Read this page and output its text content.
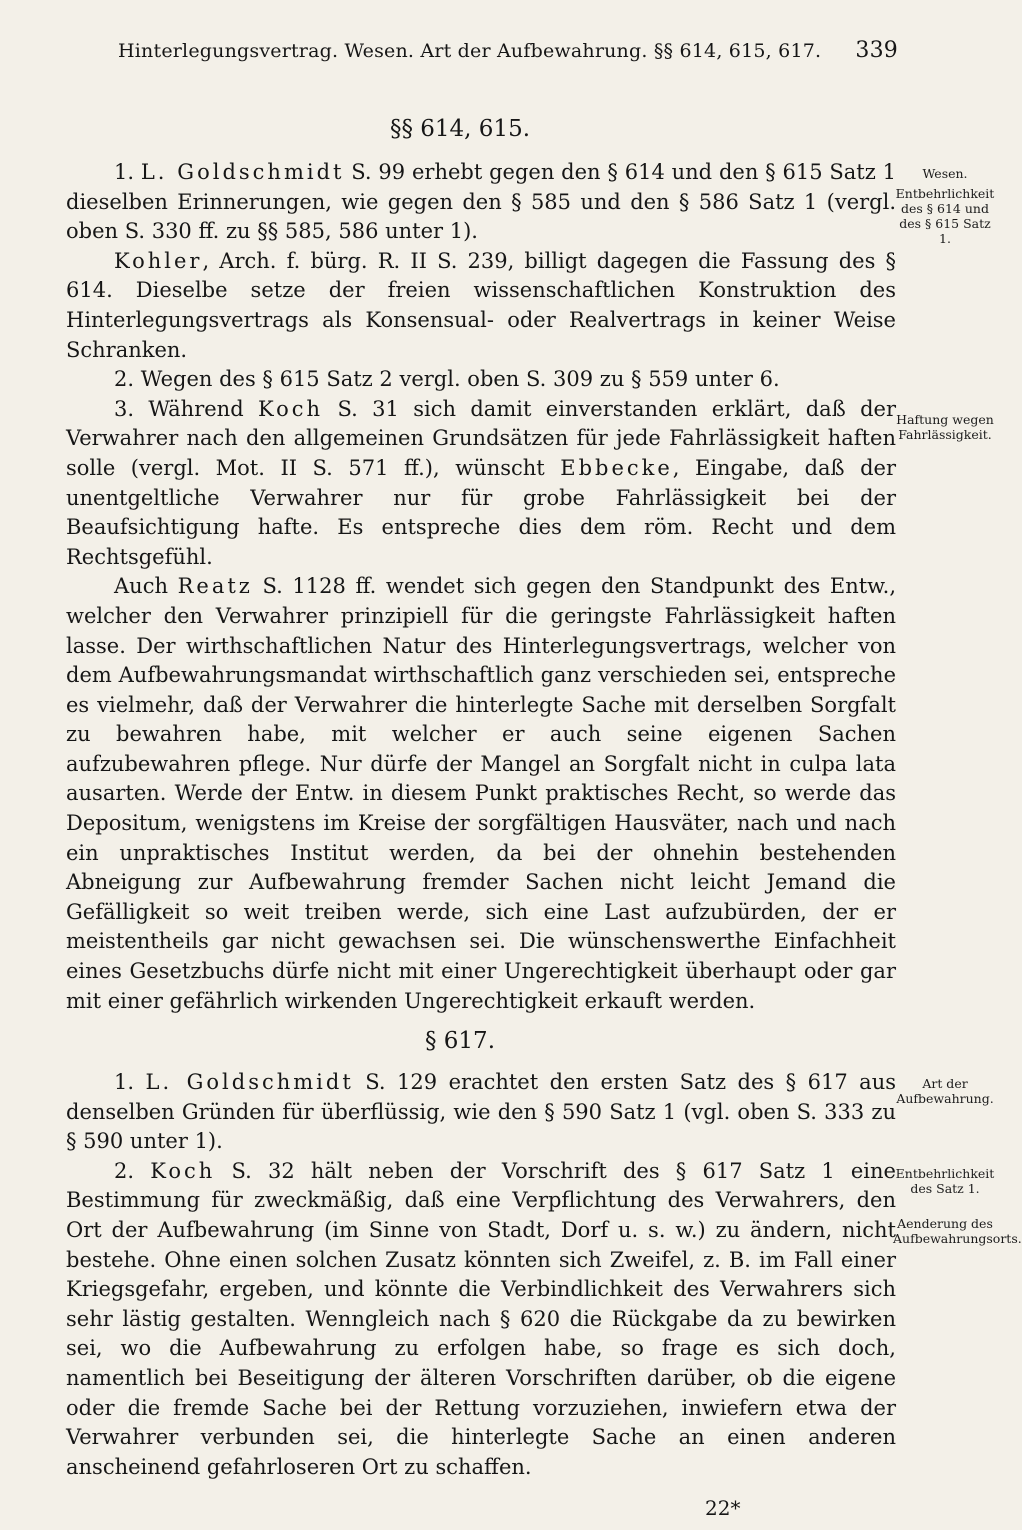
Hinterlegungsvertrag. Wesen. Art der Aufbewahrung. §§ 614, 615, 617. 339
§§ 614, 615.

1. L. Goldschmidt S. 99 erhebt gegen den § 614 und den § 615 Satz 1 dieselben Erinnerungen, wie gegen den § 585 und den § 586 Satz 1 (vergl. oben S. 330 ff. zu §§ 585, 586 unter 1).

Kohler, Arch. f. bürg. R. II S. 239, billigt dagegen die Fassung des § 614. Dieselbe setze der freien wissenschaftlichen Konstruktion des Hinterlegungsvertrags als Konsensual- oder Realvertrags in keiner Weise Schranken.

2. Wegen des § 615 Satz 2 vergl. oben S. 309 zu § 559 unter 6.

3. Während Koch S. 31 sich damit einverstanden erklärt, daß der Verwahrer nach den allgemeinen Grundsätzen für jede Fahrlässigkeit haften solle (vergl. Mot. II S. 571 ff.), wünscht Ebbecke, Eingabe, daß der unentgeltliche Verwahrer nur für grobe Fahrlässigkeit bei der Beaufsichtigung hafte. Es entspreche dies dem röm. Recht und dem Rechtsgefühl.

Auch Reatz S. 1128 ff. wendet sich gegen den Standpunkt des Entw., welcher den Verwahrer prinzipiell für die geringste Fahrlässigkeit haften lasse. Der wirthschaftlichen Natur des Hinterlegungsvertrags, welcher von dem Aufbewahrungsmandat wirthschaftlich ganz verschieden sei, entspreche es vielmehr, daß der Verwahrer die hinterlegte Sache mit derselben Sorgfalt zu bewahren habe, mit welcher er auch seine eigenen Sachen aufzubewahren pflege. Nur dürfe der Mangel an Sorgfalt nicht in culpa lata ausarten. Werde der Entw. in diesem Punkt praktisches Recht, so werde das Depositum, wenigstens im Kreise der sorgfältigen Hausväter, nach und nach ein unpraktisches Institut werden, da bei der ohnehin bestehenden Abneigung zur Aufbewahrung fremder Sachen nicht leicht Jemand die Gefälligkeit so weit treiben werde, sich eine Last aufzubürden, der er meistentheils gar nicht gewachsen sei. Die wünschenswerthe Einfachheit eines Gesetzbuchs dürfe nicht mit einer Ungerechtigkeit überhaupt oder gar mit einer gefährlich wirkenden Ungerechtigkeit erkauft werden.

§ 617.

1. L. Goldschmidt S. 129 erachtet den ersten Satz des § 617 aus denselben Gründen für überflüssig, wie den § 590 Satz 1 (vgl. oben S. 333 zu § 590 unter 1).

2. Koch S. 32 hält neben der Vorschrift des § 617 Satz 1 eine Bestimmung für zweckmäßig, daß eine Verpflichtung des Verwahrers, den Ort der Aufbewahrung (im Sinne von Stadt, Dorf u. s. w.) zu ändern, nicht bestehe. Ohne einen solchen Zusatz könnten sich Zweifel, z. B. im Fall einer Kriegsgefahr, ergeben, und könnte die Verbindlichkeit des Verwahrers sich sehr lästig gestalten. Wenngleich nach § 620 die Rückgabe da zu bewirken sei, wo die Aufbewahrung zu erfolgen habe, so frage es sich doch, namentlich bei Beseitigung der älteren Vorschriften darüber, ob die eigene oder die fremde Sache bei der Rettung vorzuziehen, inwiefern etwa der Verwahrer verbunden sei, die hinterlegte Sache an einen anderen anscheinend gefahrloseren Ort zu schaffen.

Wesen.
Entbehrlichkeit des § 614 und des § 615 Satz 1.
Haftung wegen Fahrlässigkeit.
Art der Aufbewahrung.
Entbehrlichkeit des Satz 1.
Aenderung des Aufbewahrungsorts.
22*
